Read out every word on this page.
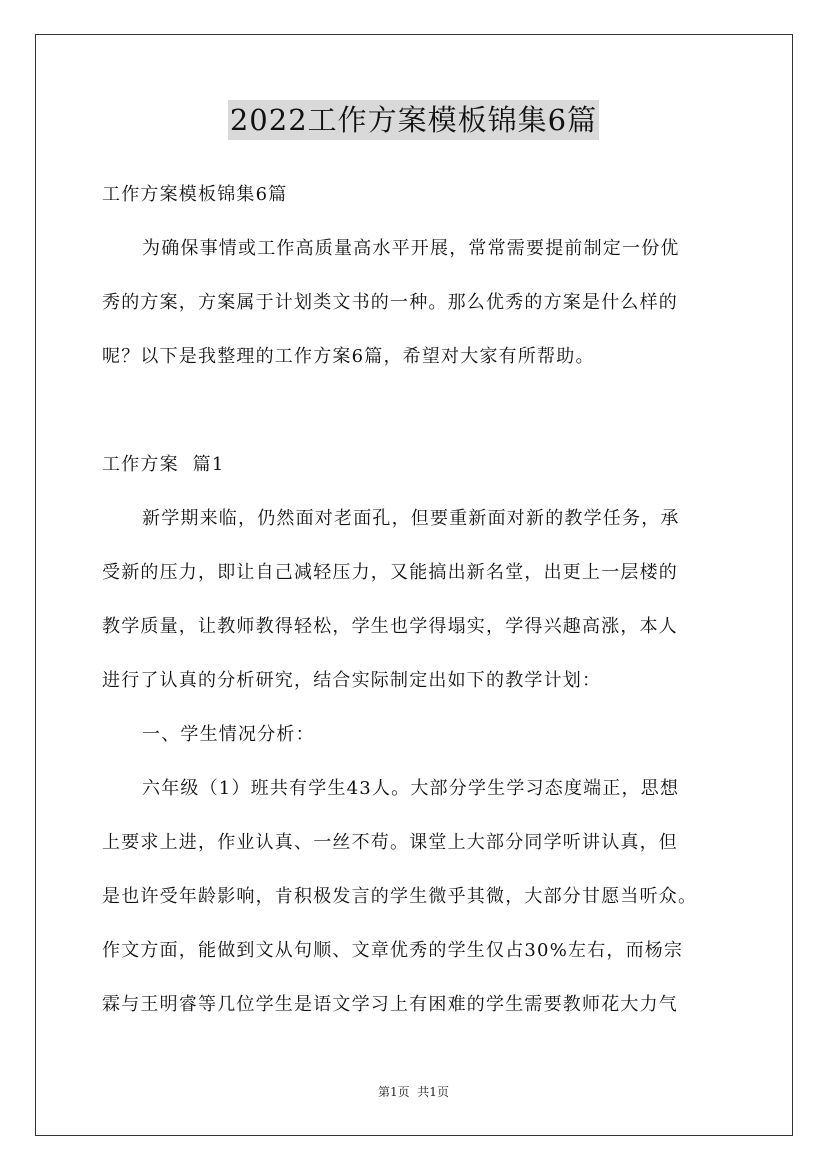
2022工作方案模板锦集6篇
工作方案模板锦集6篇
为确保事情或工作高质量高水平开展，常常需要提前制定一份优
秀的方案，方案属于计划类文书的一种。那么优秀的方案是什么样的
呢？以下是我整理的工作方案6篇，希望对大家有所帮助。
工作方案  篇1
新学期来临，仍然面对老面孔，但要重新面对新的教学任务，承
受新的压力，即让自己减轻压力，又能搞出新名堂，出更上一层楼的
教学质量，让教师教得轻松，学生也学得塌实，学得兴趣高涨，本人
进行了认真的分析研究，结合实际制定出如下的教学计划：
一、学生情况分析：
六年级（1）班共有学生43人。大部分学生学习态度端正，思想
上要求上进，作业认真、一丝不苟。课堂上大部分同学听讲认真，但
是也许受年龄影响，肯积极发言的学生微乎其微，大部分甘愿当听众。
作文方面，能做到文从句顺、文章优秀的学生仅占30%左右，而杨宗
霖与王明睿等几位学生是语文学习上有困难的学生需要教师花大力气
第1页  共1页
